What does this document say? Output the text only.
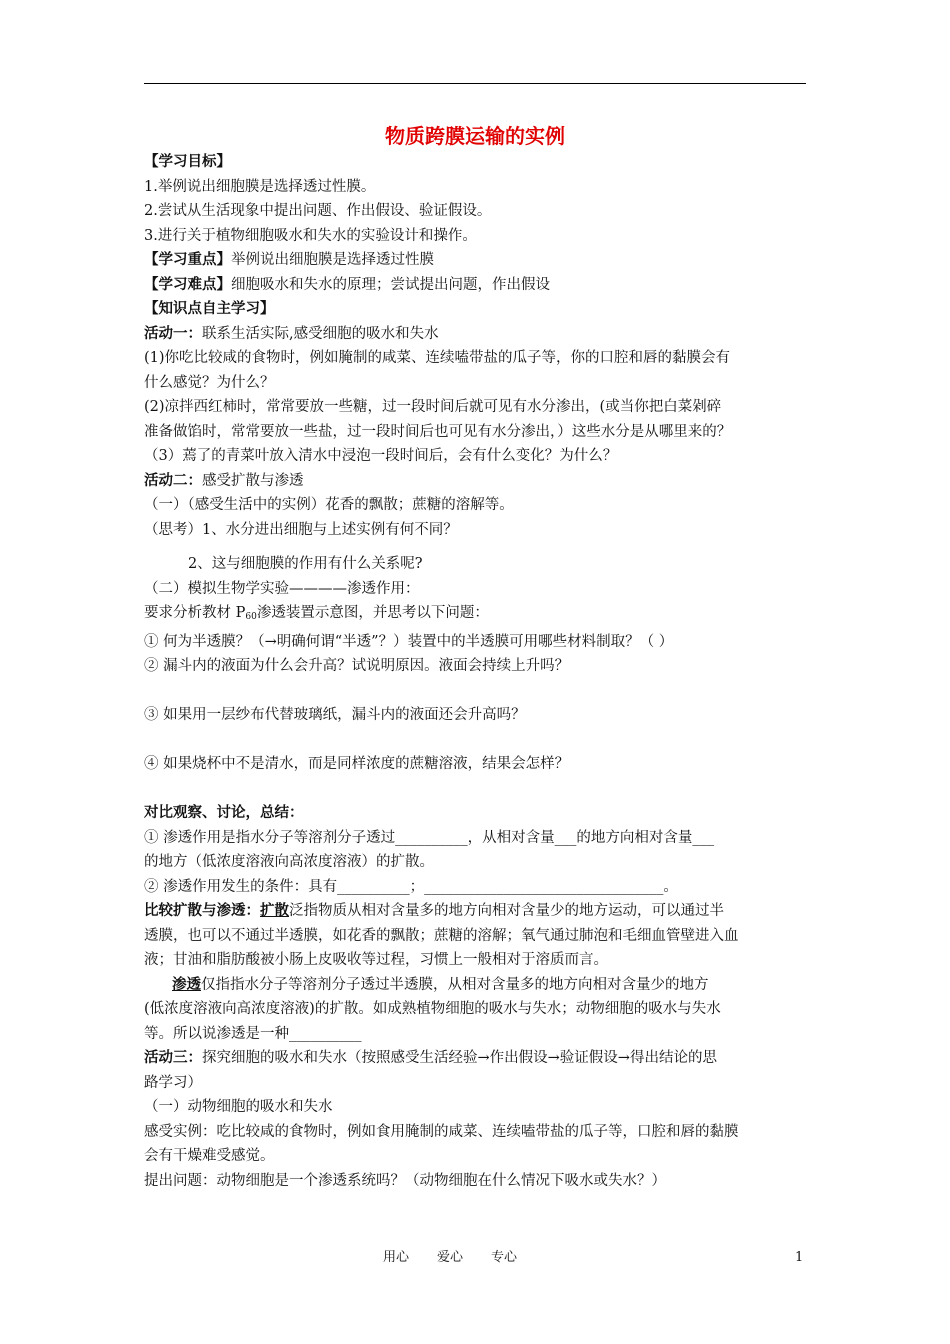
物质跨膜运输的实例
【学习目标】
1.举例说出细胞膜是选择透过性膜。
2.尝试从生活现象中提出问题、作出假设、验证假设。
3.进行关于植物细胞吸水和失水的实验设计和操作。
【学习重点】举例说出细胞膜是选择透过性膜
【学习难点】细胞吸水和失水的原理；尝试提出问题，作出假设
【知识点自主学习】
活动一：联系生活实际,感受细胞的吸水和失水
(1)你吃比较咸的食物时，例如腌制的咸菜、连续嗑带盐的瓜子等，你的口腔和唇的黏膜会有
什么感觉？为什么？
(2)凉拌西红柿时，常常要放一些糖，过一段时间后就可见有水分渗出，(或当你把白菜剁碎
准备做馅时，常常要放一些盐，过一段时间后也可见有水分渗出，）这些水分是从哪里来的？
（3）蔫了的青菜叶放入清水中浸泡一段时间后，会有什么变化？为什么？
活动二：感受扩散与渗透
（一）（感受生活中的实例）花香的飘散；蔗糖的溶解等。
（思考）1、水分进出细胞与上述实例有何不同？
2、这与细胞膜的作用有什么关系呢?
（二）模拟生物学实验————渗透作用：
要求分析教材 $P_{60}$渗透装置示意图，并思考以下问题：
① 何为半透膜？（→明确何谓“半透”？）装置中的半透膜可用哪些材料制取？（ ）
② 漏斗内的液面为什么会升高？试说明原因。液面会持续上升吗？
③ 如果用一层纱布代替玻璃纸，漏斗内的液面还会升高吗？
④ 如果烧杯中不是清水，而是同样浓度的蔗糖溶液，结果会怎样？
对比观察、讨论，总结：
① 渗透作用是指水分子等溶剂分子透过__________，从相对含量___的地方向相对含量___
的地方（低浓度溶液向高浓度溶液）的扩散。
② 渗透作用发生的条件：具有__________；_________________________________。
比较扩散与渗透：扩散泛指物质从相对含量多的地方向相对含量少的地方运动，可以通过半
透膜，也可以不通过半透膜，如花香的飘散；蔗糖的溶解；氧气通过肺泡和毛细血管壁进入血
液；甘油和脂肪酸被小肠上皮吸收等过程，习惯上一般相对于溶质而言。
渗透仅指指水分子等溶剂分子透过半透膜，从相对含量多的地方向相对含量少的地方
(低浓度溶液向高浓度溶液)的扩散。如成熟植物细胞的吸水与失水；动物细胞的吸水与失水
等。所以说渗透是一种__________
活动三：探究细胞的吸水和失水（按照感受生活经验→作出假设→验证假设→得出结论的思
路学习）
（一）动物细胞的吸水和失水
感受实例：吃比较咸的食物时，例如食用腌制的咸菜、连续嗑带盐的瓜子等，口腔和唇的黏膜
会有干燥难受感觉。
提出问题：动物细胞是一个渗透系统吗？（动物细胞在什么情况下吸水或失水？）
用心 爱心 专心	1
